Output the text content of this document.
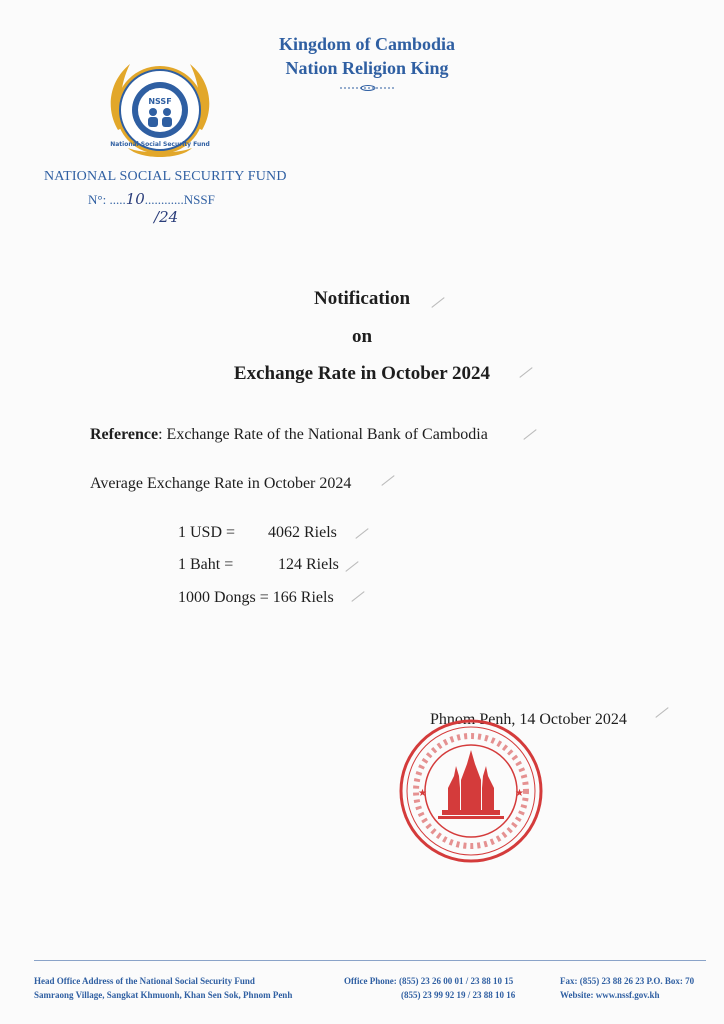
Kingdom of Cambodia
Nation Religion King
ប.ស.ស.
NSSF
National Social Security Fund
NATIONAL SOCIAL SECURITY FUND
N°: .....10............NSSF
/24
Notification
on
Exchange Rate in October 2024
Reference: Exchange Rate of the National Bank of Cambodia
Average Exchange Rate in October 2024
1 USD = 4062 Riels
1 Baht =	124 Riels
1000 Dongs = 166 Riels
Phnom Penh, 14 October 2024
★	★
Head Office Address of the National Social Security Fund
Samraong Village, Sangkat Khmuonh, Khan Sen Sok, Phnom Penh
Office Phone: (855) 23 26 00 01 / 23 88 10 15
(855) 23 99 92 19 / 23 88 10 16
Fax: (855) 23 88 26 23 P.O. Box: 70
Website: www.nssf.gov.kh
